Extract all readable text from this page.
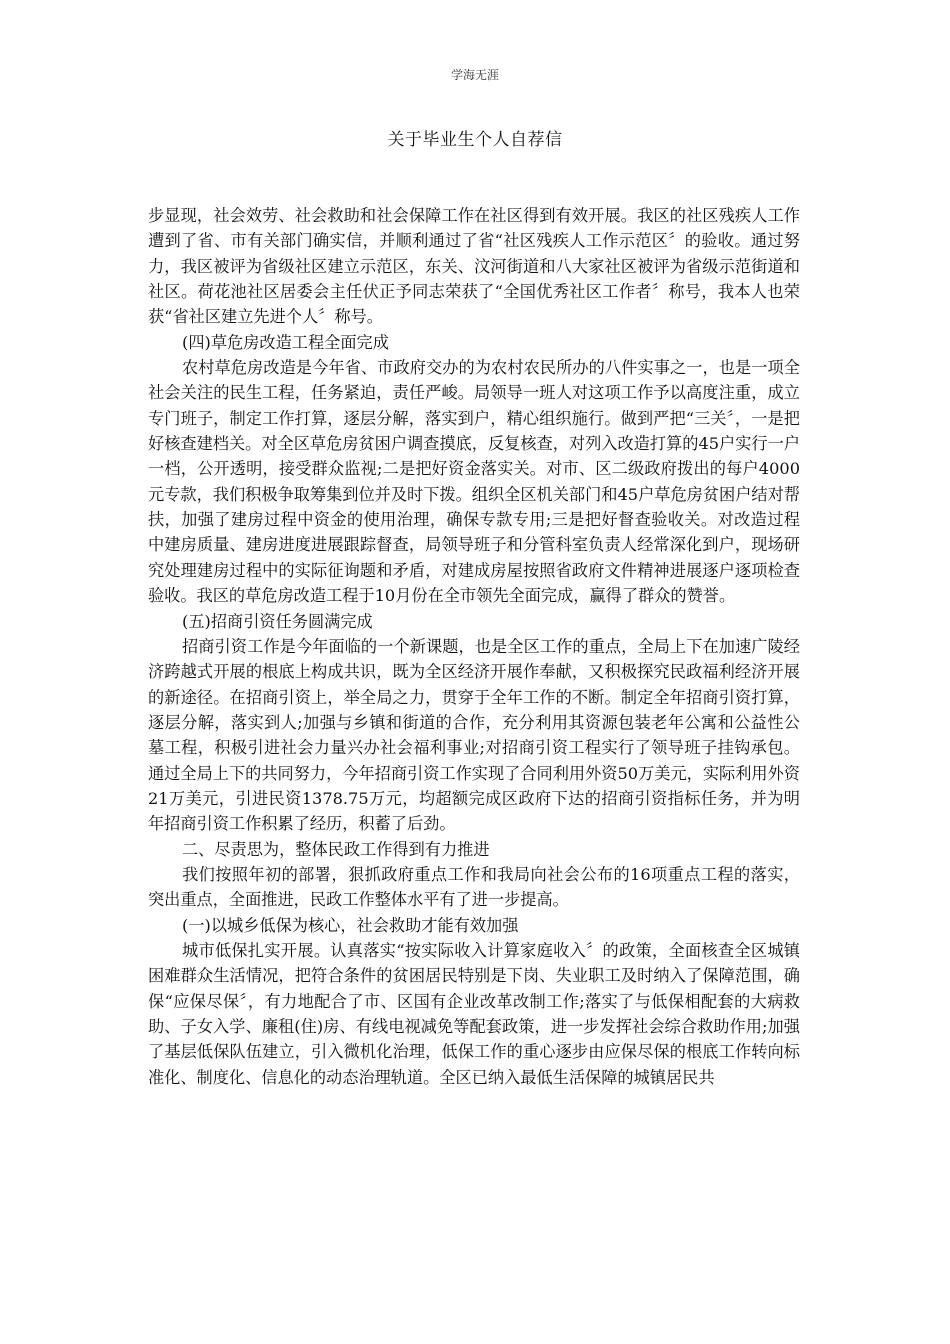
学海无涯
关于毕业生个人自荐信

步显现，社会效劳、社会救助和社会保障工作在社区得到有效开展。我区的社区残疾人工作遭到了省、市有关部门确实信，并顺利通过了省“社区残疾人工作示范区〞的验收。通过努力，我区被评为省级社区建立示范区，东关、汶河街道和八大家社区被评为省级示范街道和社区。荷花池社区居委会主任伏正予同志荣获了“全国优秀社区工作者〞称号，我本人也荣获“省社区建立先进个人〞称号。

(四)草危房改造工程全面完成

农村草危房改造是今年省、市政府交办的为农村农民所办的八件实事之一，也是一项全社会关注的民生工程，任务紧迫，责任严峻。局领导一班人对这项工作予以高度注重，成立专门班子，制定工作打算，逐层分解，落实到户，精心组织施行。做到严把“三关〞，一是把好核查建档关。对全区草危房贫困户调查摸底，反复核查，对列入改造打算的45户实行一户一档，公开透明，接受群众监视;二是把好资金落实关。对市、区二级政府拨出的每户4000元专款，我们积极争取筹集到位并及时下拨。组织全区机关部门和45户草危房贫困户结对帮扶，加强了建房过程中资金的使用治理，确保专款专用;三是把好督查验收关。对改造过程中建房质量、建房进度进展跟踪督查，局领导班子和分管科室负责人经常深化到户，现场研究处理建房过程中的实际征询题和矛盾，对建成房屋按照省政府文件精神进展逐户逐项检查验收。我区的草危房改造工程于10月份在全市领先全面完成，赢得了群众的赞誉。

(五)招商引资任务圆满完成

招商引资工作是今年面临的一个新课题，也是全区工作的重点，全局上下在加速广陵经济跨越式开展的根底上构成共识，既为全区经济开展作奉献，又积极探究民政福利经济开展的新途径。在招商引资上，举全局之力，贯穿于全年工作的不断。制定全年招商引资打算，逐层分解，落实到人;加强与乡镇和街道的合作，充分利用其资源包装老年公寓和公益性公墓工程，积极引进社会力量兴办社会福利事业;对招商引资工程实行了领导班子挂钩承包。通过全局上下的共同努力，今年招商引资工作实现了合同利用外资50万美元，实际利用外资21万美元，引进民资1378.75万元，均超额完成区政府下达的招商引资指标任务，并为明年招商引资工作积累了经历，积蓄了后劲。

二、尽责思为，整体民政工作得到有力推进

我们按照年初的部署，狠抓政府重点工作和我局向社会公布的16项重点工程的落实，突出重点，全面推进，民政工作整体水平有了进一步提高。

(一)以城乡低保为核心，社会救助才能有效加强

城市低保扎实开展。认真落实“按实际收入计算家庭收入〞的政策，全面核查全区城镇困难群众生活情况，把符合条件的贫困居民特别是下岗、失业职工及时纳入了保障范围，确保“应保尽保〞，有力地配合了市、区国有企业改革改制工作;落实了与低保相配套的大病救助、子女入学、廉租(住)房、有线电视减免等配套政策，进一步发挥社会综合救助作用;加强了基层低保队伍建立，引入微机化治理，低保工作的重心逐步由应保尽保的根底工作转向标准化、制度化、信息化的动态治理轨道。全区已纳入最低生活保障的城镇居民共
